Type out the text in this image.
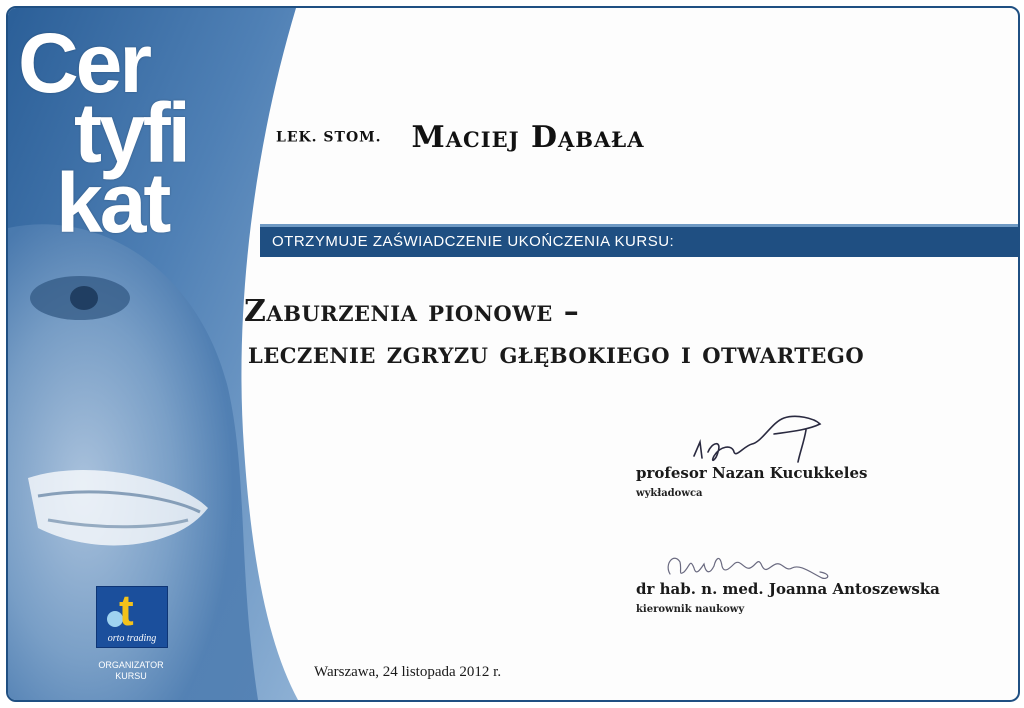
Cer
tyfi
kat
t
orto trading
ORGANIZATOR
KURSU
LEK. STOM. Maciej Dąbała
OTRZYMUJE ZAŚWIADCZENIE UKOŃCZENIA KURSU:
Zaburzenia pionowe –
leczenie zgryzu głębokiego i otwartego
profesor Nazan Kucukkeles
wykładowca
dr hab. n. med. Joanna Antoszewska
kierownik naukowy
Warszawa, 24 listopada 2012 r.
